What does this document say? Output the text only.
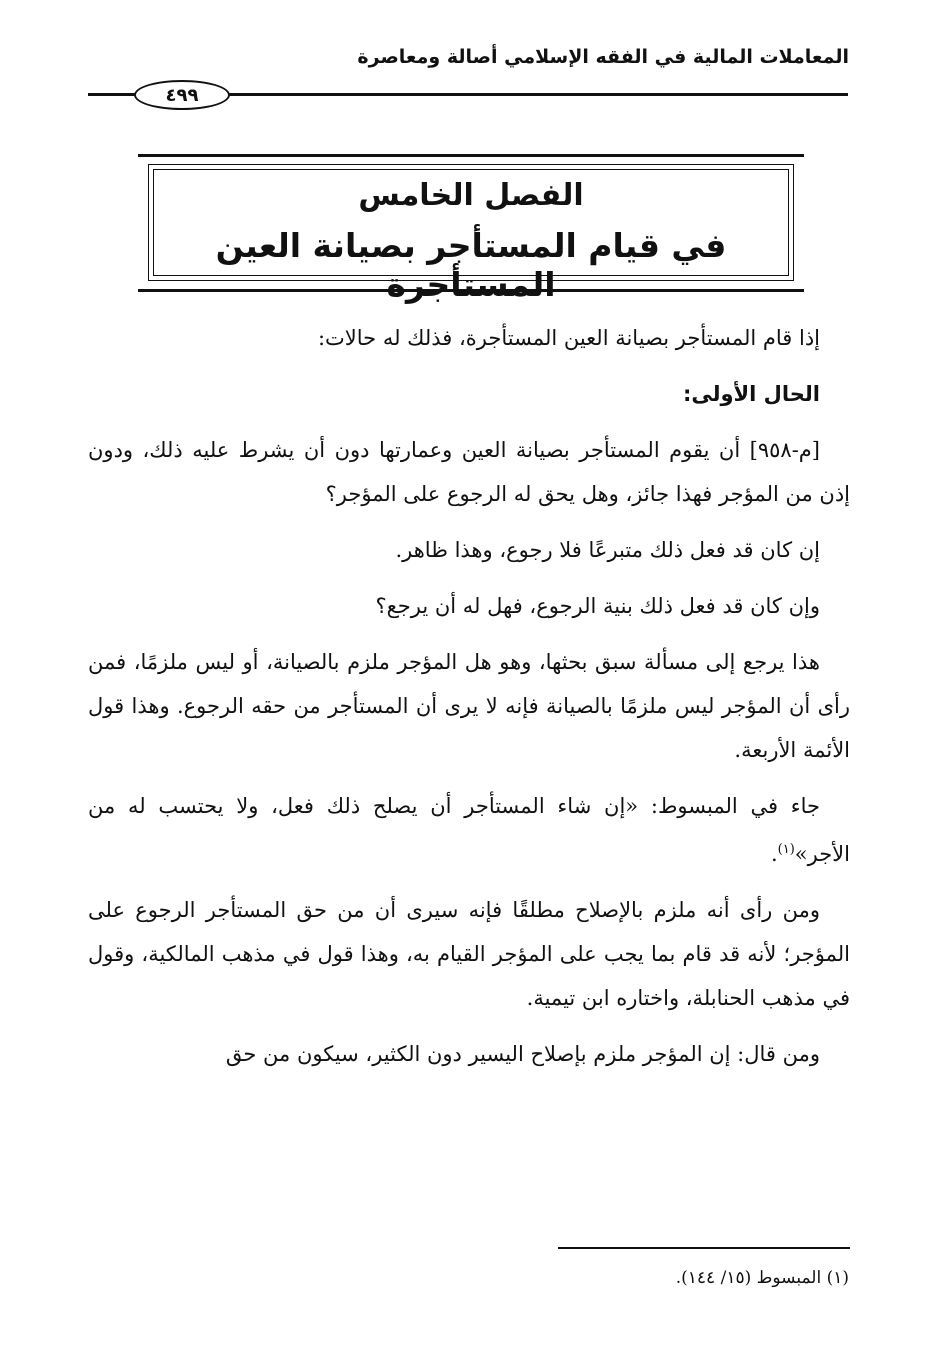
المعاملات المالية في الفقه الإسلامي أصالة ومعاصرة
٤٩٩
الفصل الخامس
في قيام المستأجر بصيانة العين المستأجرة

إذا قام المستأجر بصيانة العين المستأجرة، فذلك له حالات:

الحال الأولى:

[م-٩٥٨] أن يقوم المستأجر بصيانة العين وعمارتها دون أن يشرط عليه ذلك، ودون إذن من المؤجر فهذا جائز، وهل يحق له الرجوع على المؤجر؟

إن كان قد فعل ذلك متبرعًا فلا رجوع، وهذا ظاهر.

وإن كان قد فعل ذلك بنية الرجوع، فهل له أن يرجع؟

هذا يرجع إلى مسألة سبق بحثها، وهو هل المؤجر ملزم بالصيانة، أو ليس ملزمًا، فمن رأى أن المؤجر ليس ملزمًا بالصيانة فإنه لا يرى أن المستأجر من حقه الرجوع. وهذا قول الأئمة الأربعة.

جاء في المبسوط: «إن شاء المستأجر أن يصلح ذلك فعل، ولا يحتسب له من الأجر»$^{(١)}$.

ومن رأى أنه ملزم بالإصلاح مطلقًا فإنه سيرى أن من حق المستأجر الرجوع على المؤجر؛ لأنه قد قام بما يجب على المؤجر القيام به، وهذا قول في مذهب المالكية، وقول في مذهب الحنابلة، واختاره ابن تيمية.

ومن قال: إن المؤجر ملزم بإصلاح اليسير دون الكثير، سيكون من حق

(١) المبسوط (١٥/ ١٤٤).
